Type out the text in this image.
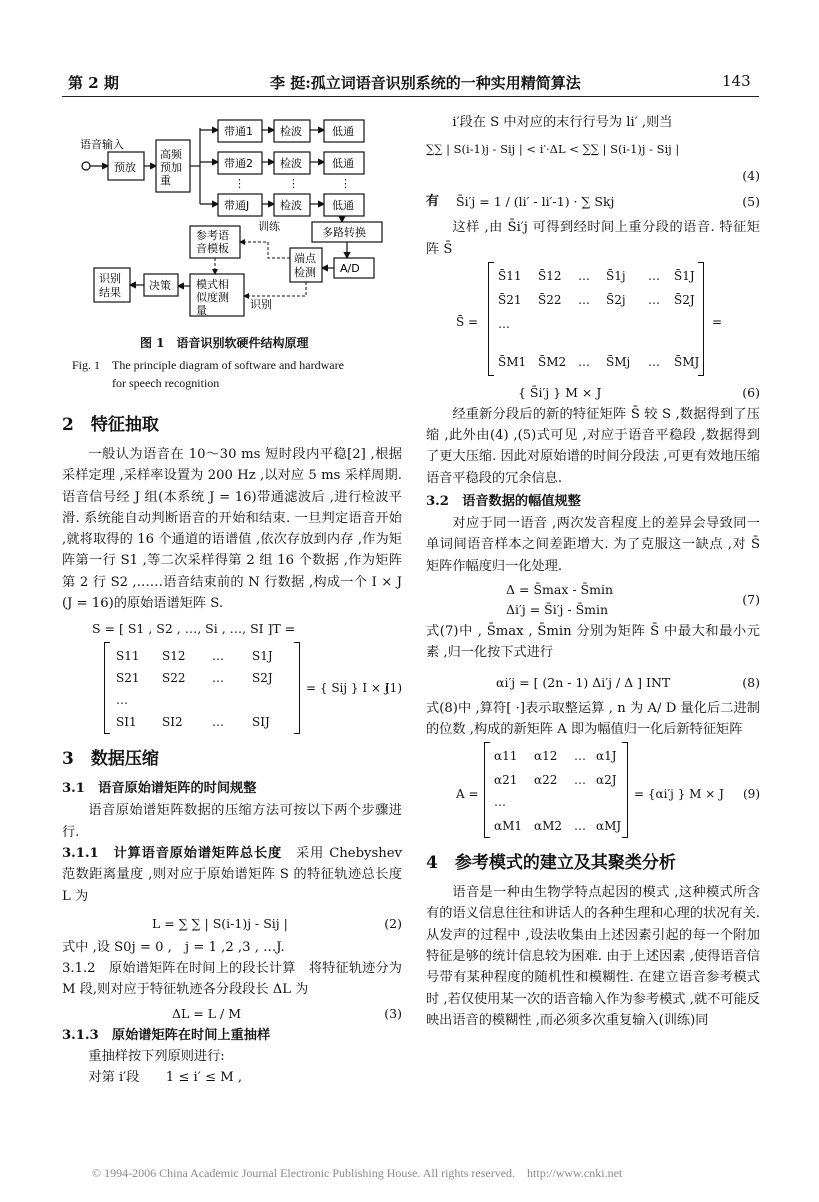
第 2 期	李 挺:孤立词语音识别系统的一种实用精简算法	143
语音输入
预放
高频
预加
重
带通1
带通2
带通J
⋮
检波
检波
检波
⋮
低通
低通
低通
⋮
多路转换
A/D
端点
检测
参考语
音模板
训练
模式相
似度测
量	识别
决策
识别
结果
图 1　语音识别软硬件结构原理
Fig. 1　The principle diagram of software and hardware
for speech recognition
2　特征抽取

一般认为语音在 10～30 ms 短时段内平稳[2] ,根据采样定理 ,采样率设置为 200 Hz ,以对应 5 ms 采样周期. 语音信号经 J 组(本系统 J = 16)带通滤波后 ,进行检波平滑. 系统能自动判断语音的开始和结束. 一旦判定语音开始 ,就将取得的 16 个通道的语谱值 ,依次存放到内存 ,作为矩阵第一行 S1 ,等二次采样得第 2 组 16 个数据 ,作为矩阵第 2 行 S2 ,……语音结束前的 N 行数据 ,构成一个 I × J (J = 16)的原始语谱矩阵 S.

S = [ S1 , S2 , …, Si , …, SI ]T =
S11 S12 … S1J
S21 S22 … S2J
…
SI1 SI2 … SIJ
= { Sij } I × J
(1)
3　数据压缩
3.1　语音原始谱矩阵的时间规整

语音原始谱矩阵数据的压缩方法可按以下两个步骤进行.

3.1.1　计算语音原始谱矩阵总长度　 采用 Chebyshev 范数距离量度 ,则对应于原始谱矩阵 S 的特征轨迹总长度 L 为

L = ∑ ∑ | S(i-1)j - Sij |	(2)

式中 ,设 S0j = 0 ,　j = 1 ,2 ,3 , …J.

3.1.2　原始谱矩阵在时间上的段长计算　将特征轨迹分为 M 段,则对应于特征轨迹各分段段长 ΔL 为

ΔL = L / M	(3)

3.1.3　原始谱矩阵在时间上重抽样

重抽样按下列原则进行:

对第 i′段　　1 ≤ i′ ≤ M ,

i′段在 S 中对应的末行行号为 li′ ,则当

∑∑ | S(i-1)j - Sij | < i′·ΔL < ∑∑ | S(i-1)j - Sij |
(4)
有 S̄i′j = 1 / (li′ - li′-1) · ∑ Skj	(5)

这样 ,由 S̄i′j 可得到经时间上重分段的语音. 特征矩阵 S̄

S̄ =
S̄11 S̄12 … S̄1j … S̄1J
S̄21 S̄22 … S̄2j … S̄2J
…
S̄M1 S̄M2 … S̄Mj … S̄MJ
=
{ S̄i′j } M × J	(6)

经重新分段后的新的特征矩阵 S̄ 较 S ,数据得到了压缩 ,此外由(4) ,(5)式可见 ,对应于语音平稳段 ,数据得到了更大压缩. 因此对原始谱的时间分段法 ,可更有效地压缩语音平稳段的冗余信息.

3.2　语音数据的幅值规整

对应于同一语音 ,两次发音程度上的差异会导致同一单词间语音样本之间差距增大. 为了克服这一缺点 ,对 S̄ 矩阵作幅度归一化处理.

Δ = S̄max - S̄min
Δi′j = S̄i′j - S̄min
(7)

式(7)中 , S̄max , S̄min 分别为矩阵 S̄ 中最大和最小元素 ,归一化按下式进行

αi′j = [ (2n - 1) Δi′j / Δ ] INT	(8)

式(8)中 ,算符[ ·]表示取整运算 , n 为 A/ D 量化后二进制的位数 ,构成的新矩阵 A 即为幅值归一化后新特征矩阵

A =
α11 α12 … α1J
α21 α22 … α2J
…
αM1 αM2 … αMJ
= {αi′j } M × J (9)
4　参考模式的建立及其聚类分析

语音是一种由生物学特点起因的模式 ,这种模式所含有的语义信息往往和讲话人的各种生理和心理的状况有关. 从发声的过程中 ,设法收集由上述因素引起的每一个附加特征是够的统计信息较为困难. 由于上述因素 ,使得语音信号带有某种程度的随机性和模糊性. 在建立语音参考模式时 ,若仅使用某一次的语音输入作为参考模式 ,就不可能反映出语音的模糊性 ,而必须多次重复输入(训练)同

© 1994-2006 China Academic Journal Electronic Publishing House. All rights reserved.　http://www.cnki.net
